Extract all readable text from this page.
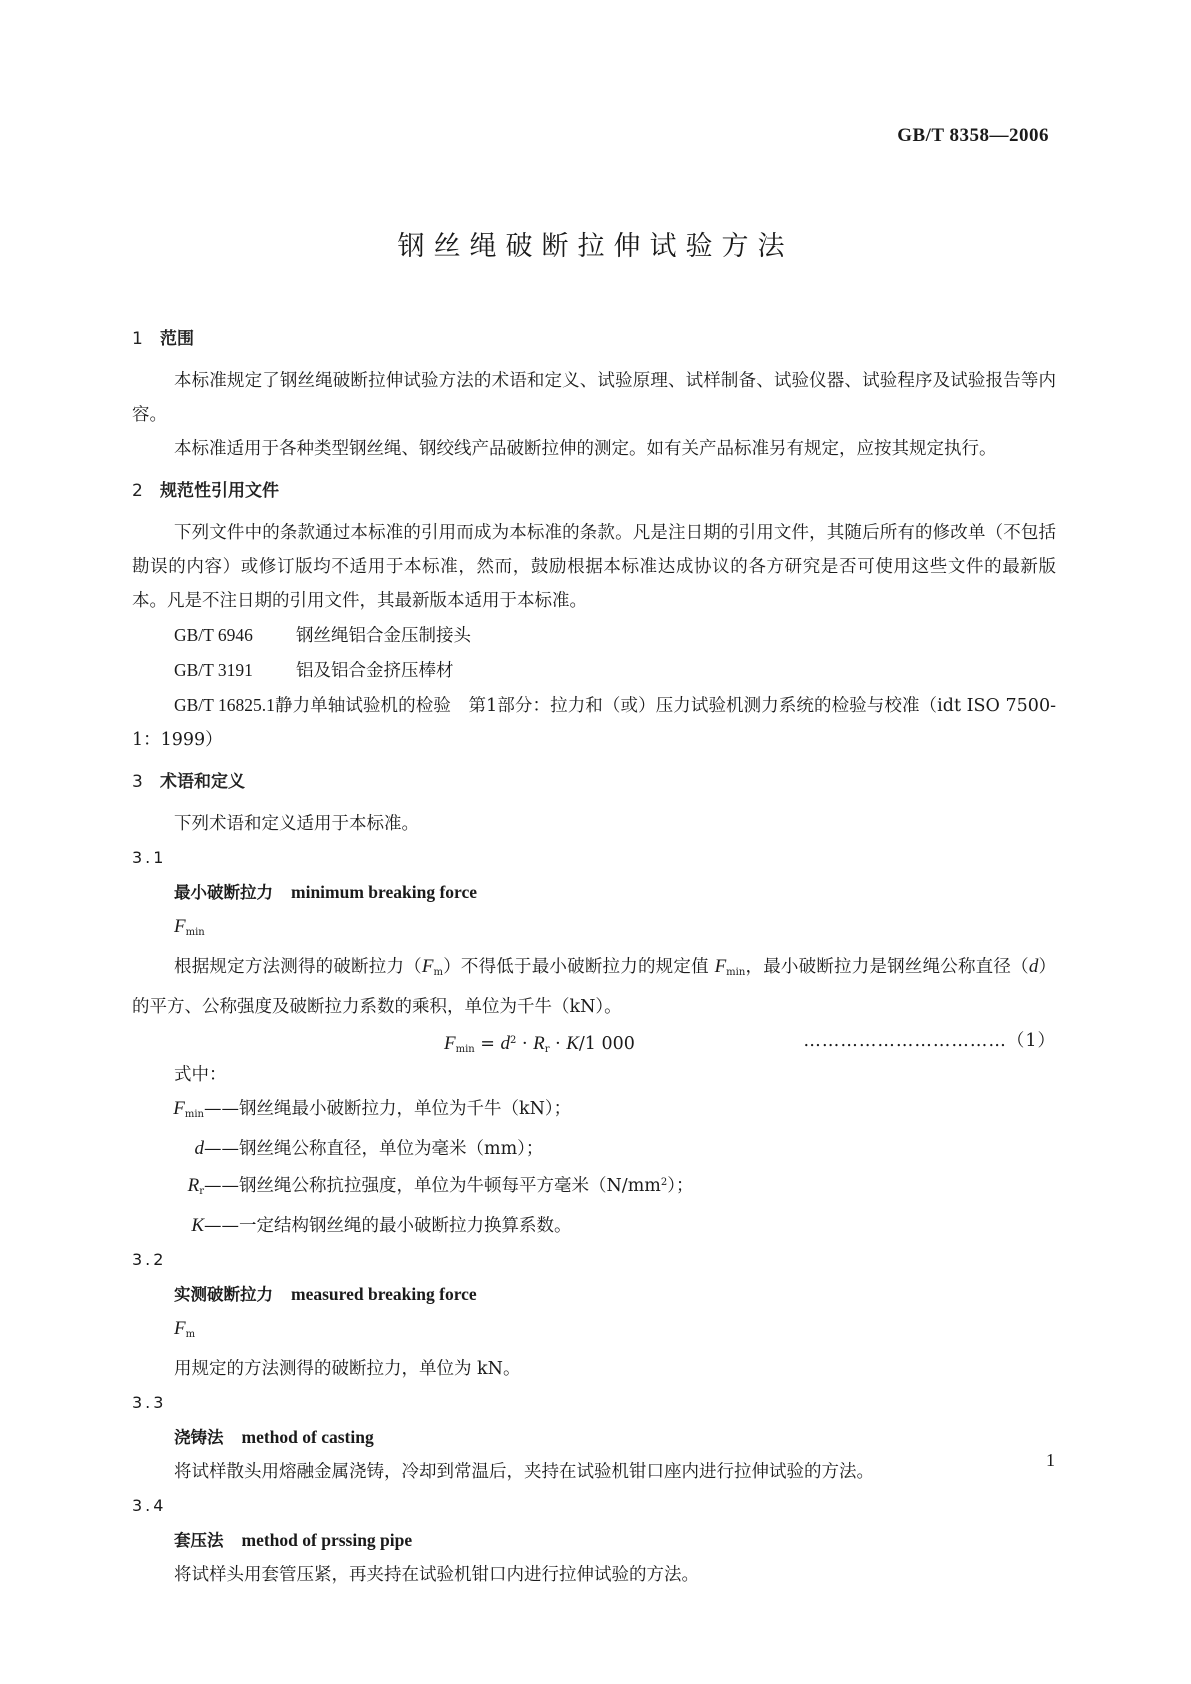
GB/T 8358—2006
钢丝绳破断拉伸试验方法
1 范围

本标准规定了钢丝绳破断拉伸试验方法的术语和定义、试验原理、试样制备、试验仪器、试验程序及试验报告等内容。

本标准适用于各种类型钢丝绳、钢绞线产品破断拉伸的测定。如有关产品标准另有规定，应按其规定执行。

2 规范性引用文件

下列文件中的条款通过本标准的引用而成为本标准的条款。凡是注日期的引用文件，其随后所有的修改单（不包括勘误的内容）或修订版均不适用于本标准，然而，鼓励根据本标准达成协议的各方研究是否可使用这些文件的最新版本。凡是不注日期的引用文件，其最新版本适用于本标准。

GB/T 6946 钢丝绳铝合金压制接头

GB/T 3191 铝及铝合金挤压棒材

GB/T 16825.1静力单轴试验机的检验　第1部分：拉力和（或）压力试验机测力系统的检验与校准（idt ISO 7500-1：1999）

3 术语和定义

下列术语和定义适用于本标准。

3.1

最小破断拉力 minimum breaking force

$F_{min}$

根据规定方法测得的破断拉力$(F_m)$不得低于最小破断拉力的规定值 $F_{min}$，最小破断拉力是钢丝绳公称直径（d）的平方、公称强度及破断拉力系数的乘积，单位为千牛（kN）。

$F_{min} = d^2 \cdot R_r \cdot K/1$ 000	……………………………（1）

式中：

$F_{min}——$钢丝绳最小破断拉力，单位为千牛（kN）；

d——钢丝绳公称直径，单位为毫米（mm）；

$R_r——$钢丝绳公称抗拉强度，单位为牛顿每平方毫米$(N/mm^2)$；

K——一定结构钢丝绳的最小破断拉力换算系数。

3.2

实测破断拉力 measured breaking force

$F_m$

用规定的方法测得的破断拉力，单位为 kN。

3.3

浇铸法 method of casting

将试样散头用熔融金属浇铸，冷却到常温后，夹持在试验机钳口座内进行拉伸试验的方法。

3.4

套压法 method of prssing pipe

将试样头用套管压紧，再夹持在试验机钳口内进行拉伸试验的方法。

1
